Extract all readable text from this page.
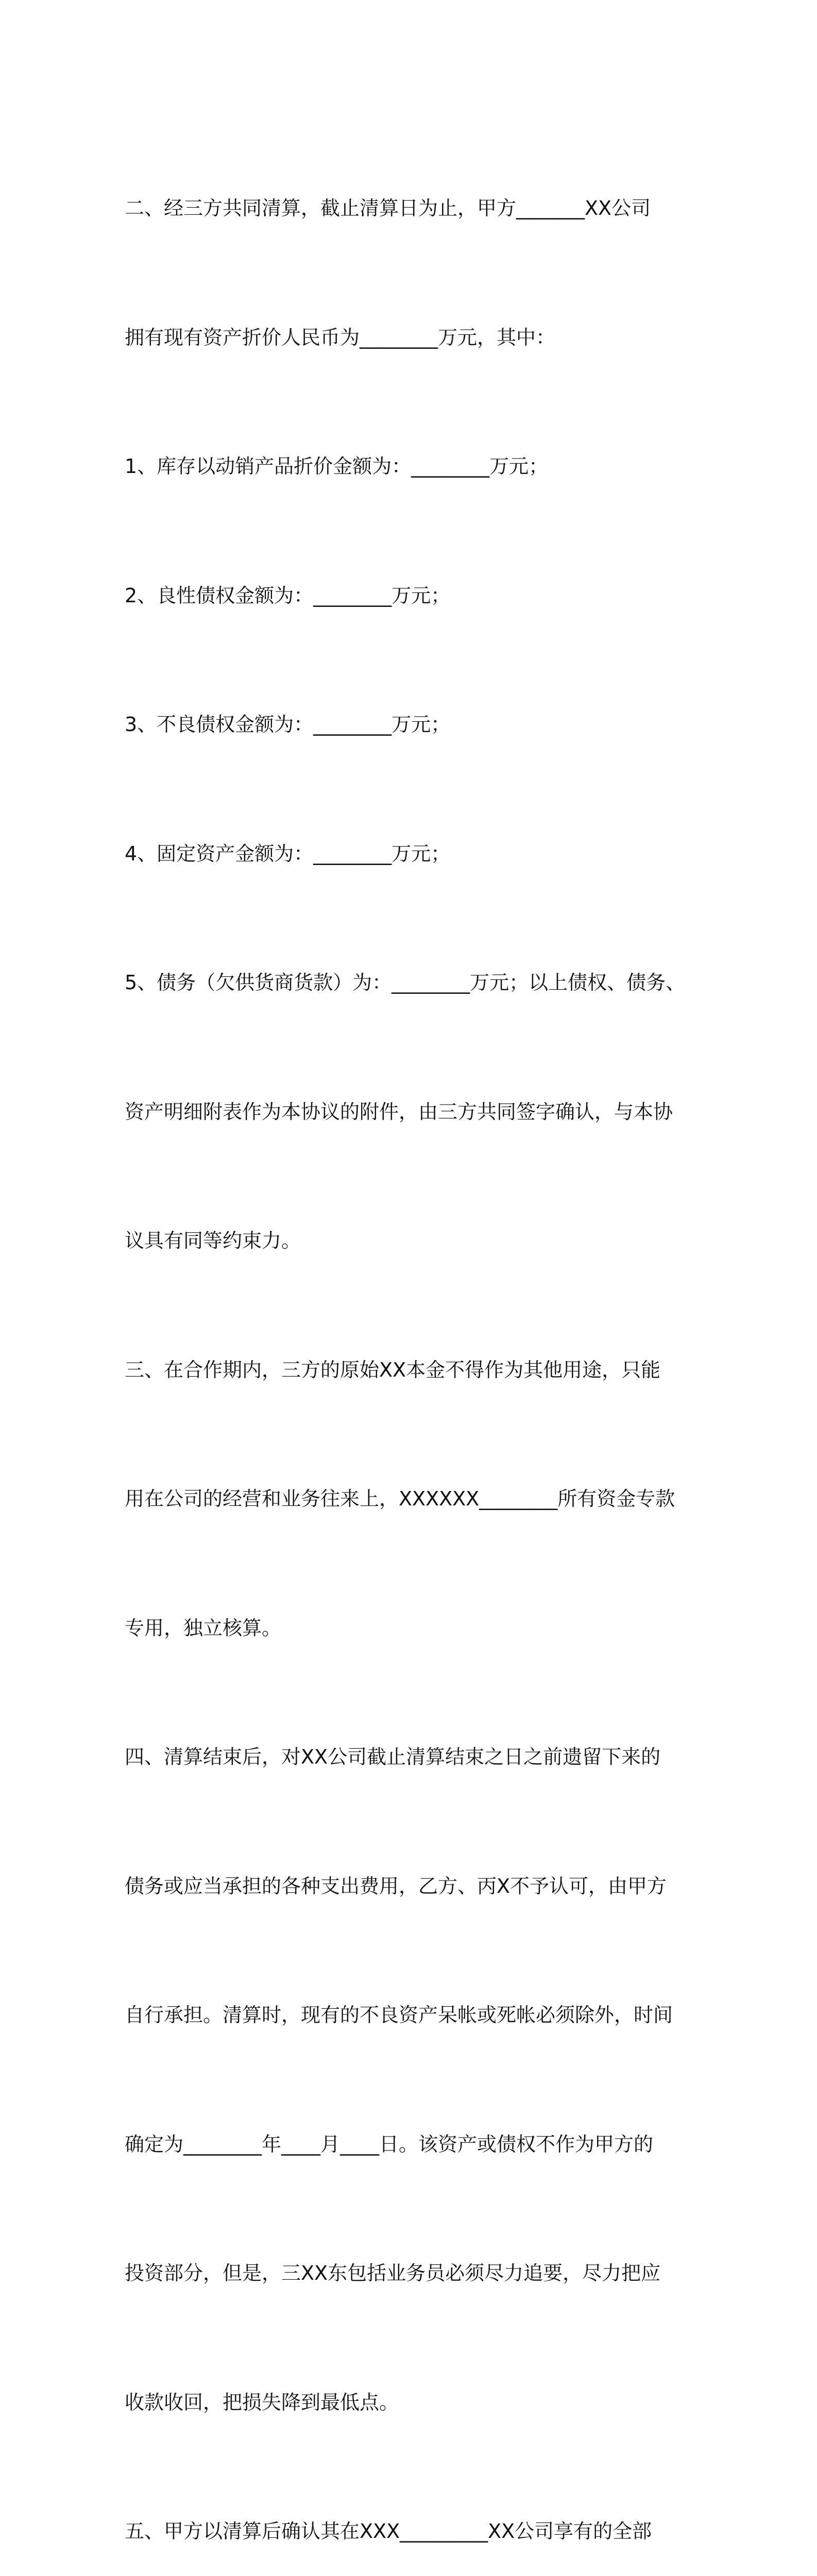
二、经三方共同清算，截止清算日为止，甲方_______XX公司

拥有现有资产折价人民币为________万元，其中：

1、库存以动销产品折价金额为：________万元；

2、良性债权金额为：________万元；

3、不良债权金额为：________万元；

4、固定资产金额为：________万元；

5、债务（欠供货商货款）为：________万元；以上债权、债务、

资产明细附表作为本协议的附件，由三方共同签字确认，与本协

议具有同等约束力。

三、在合作期内，三方的原始XX本金不得作为其他用途，只能

用在公司的经营和业务往来上，XXXXXX________所有资金专款

专用，独立核算。

四、清算结束后，对XX公司截止清算结束之日之前遗留下来的

债务或应当承担的各种支出费用，乙方、丙X不予认可，由甲方

自行承担。清算时，现有的不良资产呆帐或死帐必须除外，时间

确定为________年____月____日。该资产或债权不作为甲方的

投资部分，但是，三XX东包括业务员必须尽力追要，尽力把应

收款收回，把损失降到最低点。

五、甲方以清算后确认其在XXX_________XX公司享有的全部
